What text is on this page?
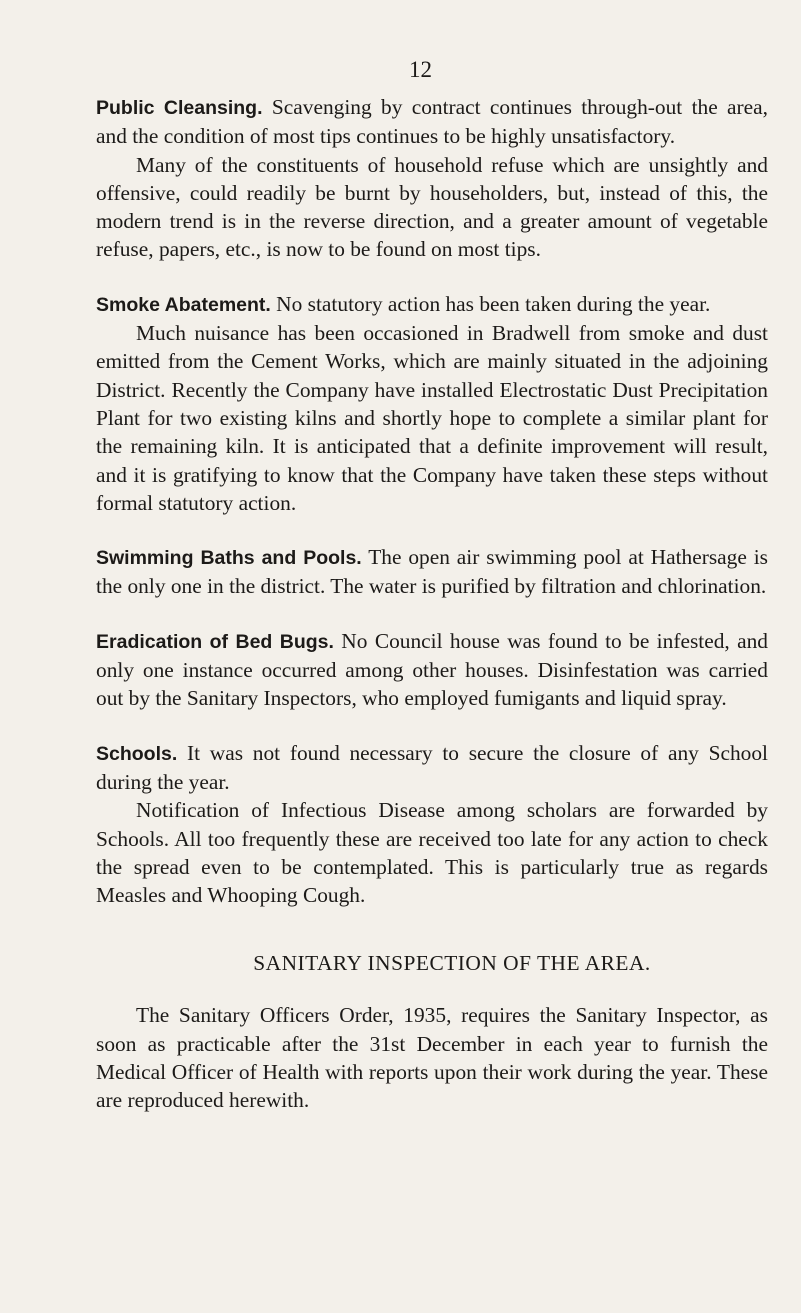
12

Public Cleansing. Scavenging by contract continues through-out the area, and the condition of most tips continues to be highly unsatisfactory.

Many of the constituents of household refuse which are unsightly and offensive, could readily be burnt by householders, but, instead of this, the modern trend is in the reverse direction, and a greater amount of vegetable refuse, papers, etc., is now to be found on most tips.

Smoke Abatement. No statutory action has been taken during the year.

Much nuisance has been occasioned in Bradwell from smoke and dust emitted from the Cement Works, which are mainly situated in the adjoining District. Recently the Company have installed Electrostatic Dust Precipitation Plant for two existing kilns and shortly hope to complete a similar plant for the remaining kiln. It is anticipated that a definite improvement will result, and it is gratifying to know that the Company have taken these steps without formal statutory action.

Swimming Baths and Pools. The open air swimming pool at Hathersage is the only one in the district. The water is purified by filtration and chlorination.

Eradication of Bed Bugs. No Council house was found to be infested, and only one instance occurred among other houses. Disinfestation was carried out by the Sanitary Inspectors, who employed fumigants and liquid spray.

Schools. It was not found necessary to secure the closure of any School during the year.

Notification of Infectious Disease among scholars are forwarded by Schools. All too frequently these are received too late for any action to check the spread even to be contemplated. This is particularly true as regards Measles and Whooping Cough.

SANITARY INSPECTION OF THE AREA.

The Sanitary Officers Order, 1935, requires the Sanitary Inspector, as soon as practicable after the 31st December in each year to furnish the Medical Officer of Health with reports upon their work during the year. These are reproduced herewith.
